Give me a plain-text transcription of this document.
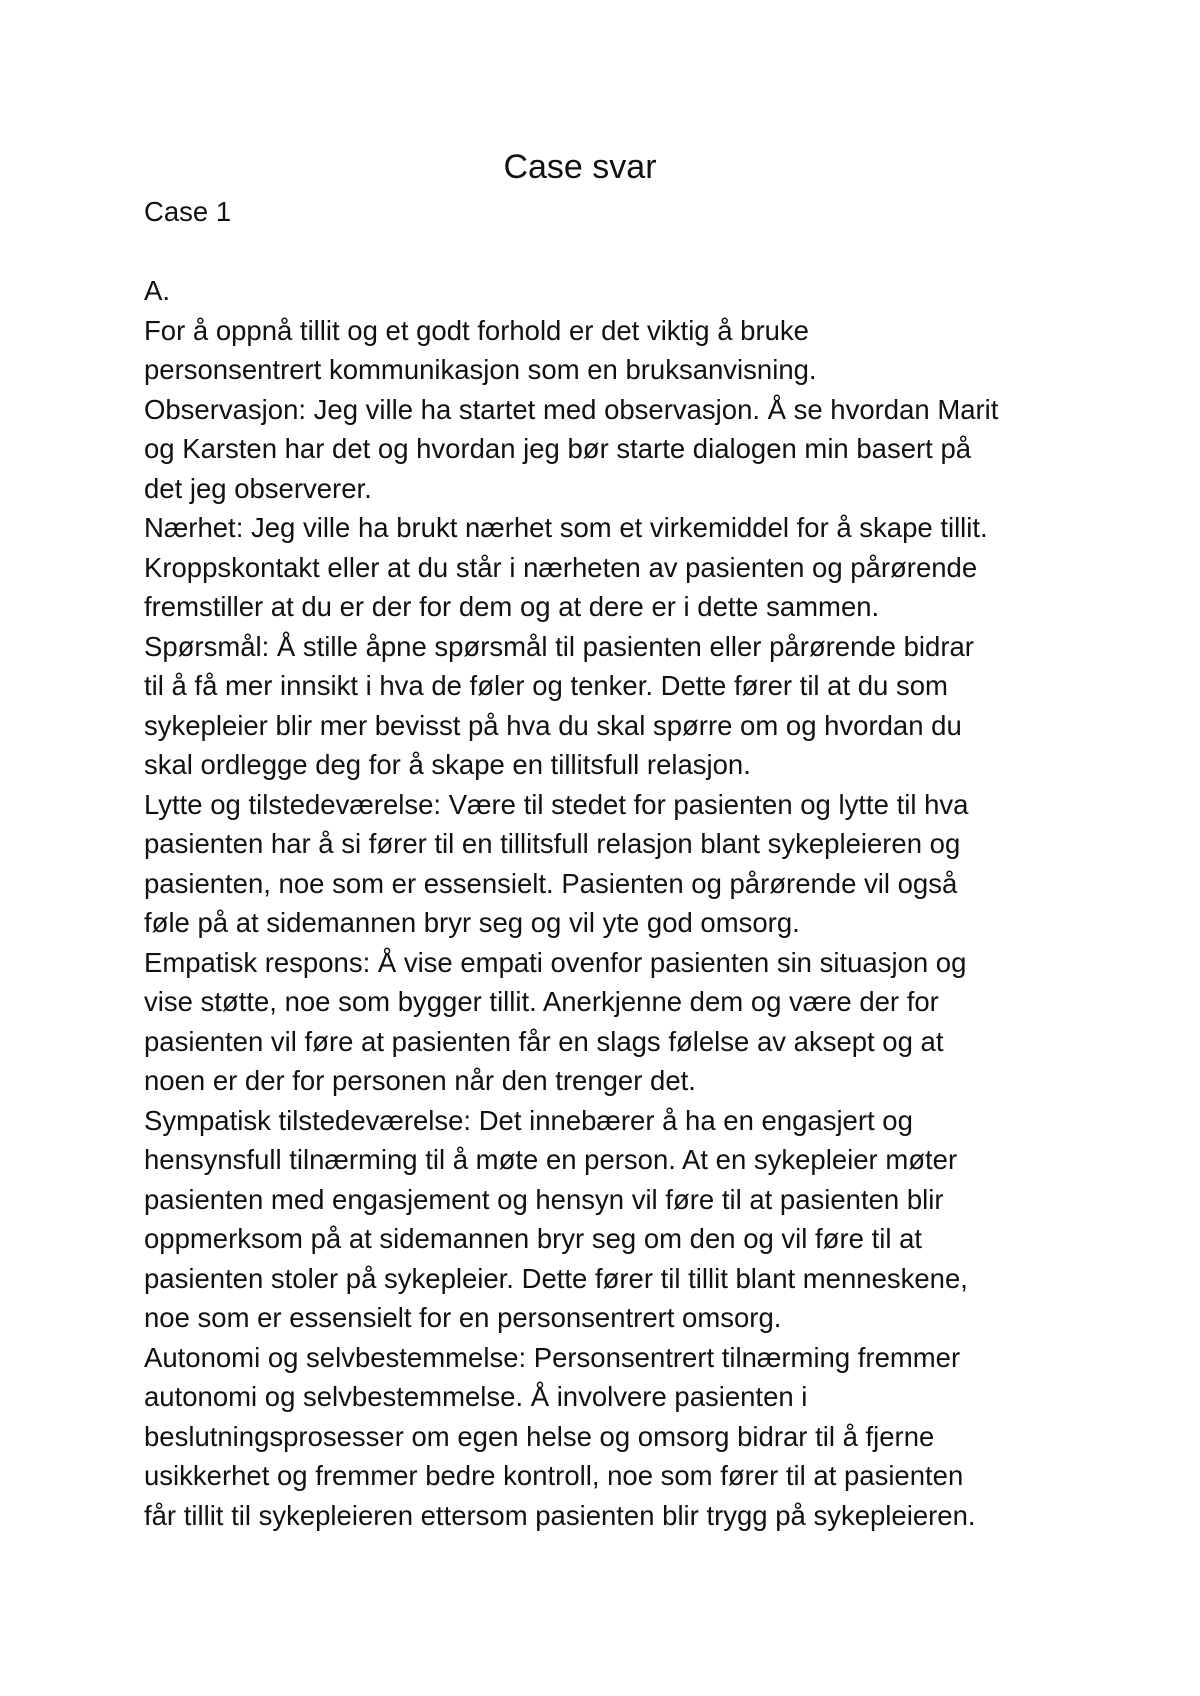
Case svar

Case 1

A.

For å oppnå tillit og et godt forhold er det viktig å bruke

personsentrert kommunikasjon som en bruksanvisning.

Observasjon: Jeg ville ha startet med observasjon. Å se hvordan Marit

og Karsten har det og hvordan jeg bør starte dialogen min basert på

det jeg observerer.

Nærhet: Jeg ville ha brukt nærhet som et virkemiddel for å skape tillit.

Kroppskontakt eller at du står i nærheten av pasienten og pårørende

fremstiller at du er der for dem og at dere er i dette sammen.

Spørsmål: Å stille åpne spørsmål til pasienten eller pårørende bidrar

til å få mer innsikt i hva de føler og tenker. Dette fører til at du som

sykepleier blir mer bevisst på hva du skal spørre om og hvordan du

skal ordlegge deg for å skape en tillitsfull relasjon.

Lytte og tilstedeværelse: Være til stedet for pasienten og lytte til hva

pasienten har å si fører til en tillitsfull relasjon blant sykepleieren og

pasienten, noe som er essensielt. Pasienten og pårørende vil også

føle på at sidemannen bryr seg og vil yte god omsorg.

Empatisk respons: Å vise empati ovenfor pasienten sin situasjon og

vise støtte, noe som bygger tillit. Anerkjenne dem og være der for

pasienten vil føre at pasienten får en slags følelse av aksept og at

noen er der for personen når den trenger det.

Sympatisk tilstedeværelse: Det innebærer å ha en engasjert og

hensynsfull tilnærming til å møte en person. At en sykepleier møter

pasienten med engasjement og hensyn vil føre til at pasienten blir

oppmerksom på at sidemannen bryr seg om den og vil føre til at

pasienten stoler på sykepleier. Dette fører til tillit blant menneskene,

noe som er essensielt for en personsentrert omsorg.

Autonomi og selvbestemmelse: Personsentrert tilnærming fremmer

autonomi og selvbestemmelse. Å involvere pasienten i

beslutningsprosesser om egen helse og omsorg bidrar til å fjerne

usikkerhet og fremmer bedre kontroll, noe som fører til at pasienten

får tillit til sykepleieren ettersom pasienten blir trygg på sykepleieren.
